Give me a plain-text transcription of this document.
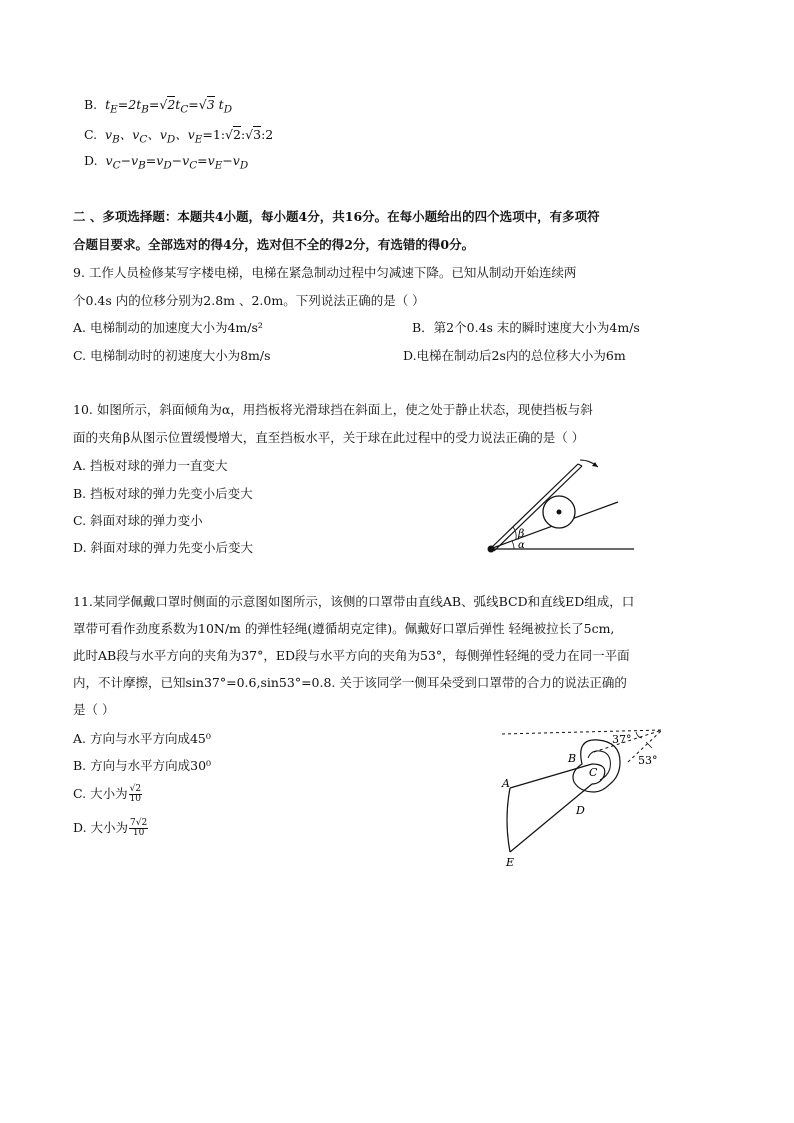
B.  $t_E=2t_B=√2t_C=√3$ $t_D$
C.  $v_B$、$v_C$、$v_D$、$v_E=1:√2:√3:2$
D.  $v_C-v_B=v_D-v_C=v_E-v_D$
二 、多项选择题：本题共4小题，每小题4分，共16分。在每小题给出的四个选项中，有多项符
合题目要求。全部选对的得4分，选对但不全的得2分，有选错的得0分。
9. 工作人员检修某写字楼电梯，电梯在紧急制动过程中匀减速下降。已知从制动开始连续两
个0.4s 内的位移分别为2.8m 、2.0m。下列说法正确的是（ ）
A. 电梯制动的加速度大小为4m/s²	B．第2个0.4s 末的瞬时速度大小为4m/s
C. 电梯制动时的初速度大小为8m/s	D.电梯在制动后2s内的总位移大小为6m
10. 如图所示，斜面倾角为α，用挡板将光滑球挡在斜面上，使之处于静止状态，现使挡板与斜
面的夹角β从图示位置缓慢增大，直至挡板水平，关于球在此过程中的受力说法正确的是（ ）
A. 挡板对球的弹力一直变大
B. 挡板对球的弹力先变小后变大
C. 斜面对球的弹力变小
D. 斜面对球的弹力先变小后变大
β
α
11.某同学佩戴口罩时侧面的示意图如图所示，该侧的口罩带由直线AB、弧线BCD和直线ED组成，口
罩带可看作劲度系数为10N/m 的弹性轻绳(遵循胡克定律)。佩戴好口罩后弹性 轻绳被拉长了5cm,
此时AB段与水平方向的夹角为37°，ED段与水平方向的夹角为53°，每侧弹性轻绳的受力在同一平面
内，不计摩擦，已知sin37°=0.6,sin53°=0.8. 关于该同学一侧耳朵受到口罩带的合力的说法正确的
是（ ）
A. 方向与水平方向成45⁰
B. 方向与水平方向成30⁰
C. 大小为 $\frac{√2}{10}$
D. 大小为 $\frac{7√2}{10}$
37°
53°
A
B
C
D
E
